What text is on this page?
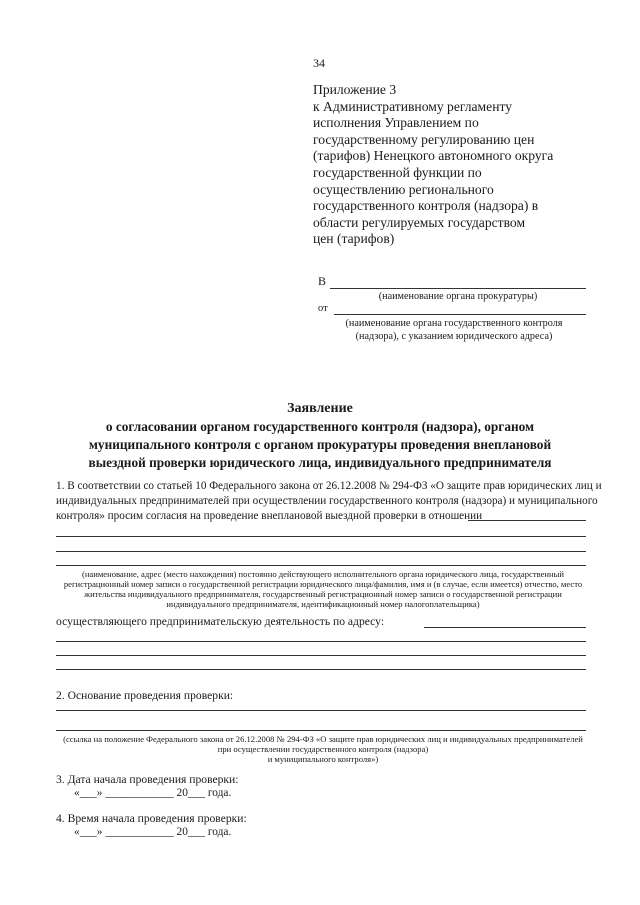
34
Приложение 3
к Административному регламенту
исполнения Управлением по
государственному регулированию цен
(тарифов) Ненецкого автономного округа
государственной функции по
осуществлению регионального
государственного контроля (надзора) в
области регулируемых государством
цен (тарифов)
В
(наименование органа прокуратуры)
от
(наименование органа государственного контроля
(надзора), с указанием юридического адреса)
Заявление
о согласовании органом государственного контроля (надзора), органом
муниципального контроля с органом прокуратуры проведения внеплановой
выездной проверки юридического лица, индивидуального предпринимателя
1. В соответствии со статьей 10 Федерального закона от 26.12.2008 № 294-ФЗ «О защите прав юридических лиц и
индивидуальных предпринимателей при осуществлении государственного контроля (надзора) и муниципального
контроля» просим согласия на проведение внеплановой выездной проверки в отношении
(наименование, адрес (место нахождения) постоянно действующего исполнительного органа юридического лица, государственный
регистрационный номер записи о государственной регистрации юридического лица/фамилия, имя и (в случае, если имеется) отчество, место
жительства индивидуального предпринимателя, государственный регистрационный номер записи о государственной регистрации
индивидуального предпринимателя, идентификационный номер налогоплательщика)
осуществляющего предпринимательскую деятельность по адресу:
2. Основание проведения проверки:
(ссылка на положение Федерального закона от 26.12.2008 № 294-ФЗ «О защите прав юридических лиц и индивидуальных предпринимателей
при осуществлении государственного контроля (надзора)
и муниципального контроля»)
3. Дата начала проведения проверки:
«___» ____________ 20___ года.
4. Время начала проведения проверки:
«___» ____________ 20___ года.
